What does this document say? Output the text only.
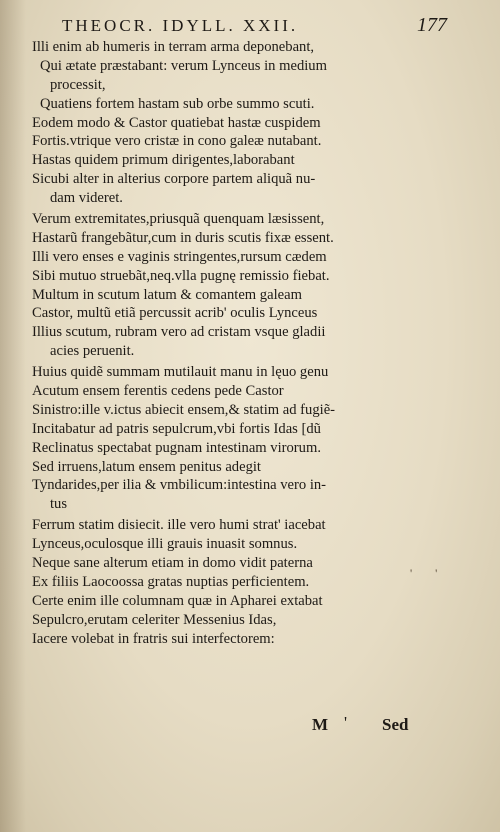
THEOCR. IDYLL. XXII.	177
Illi enim ab humeris in terram arma deponebant,
Qui ætate præstabant: verum Lynceus in medium
processit,
Quatiens fortem hastam sub orbe summo scuti.
Eodem modo & Castor quatiebat hastæ cuspidem
Fortis.vtrique vero cristæ in cono galeæ nutabant.
Hastas quidem primum dirigentes,laborabant
Sicubi alter in alterius corpore partem aliquã nu-
dam videret.
Verum extremitates,priusquã quenquam læsissent,
Hastarũ frangebãtur,cum in duris scutis fixæ essent.
Illi vero enses e vaginis stringentes,rursum cædem
Sibi mutuo struebãt,neq.vlla pugnę remissio fiebat.
Multum in scutum latum & comantem galeam
Castor, multũ etiã percussit acrib' oculis Lynceus
Illius scutum, rubram vero ad cristam vsque gladii
acies peruenit.
Huius quidẽ summam mutilauit manu in lęuo genu
Acutum ensem ferentis cedens pede Castor
Sinistro:ille v.ictus abiecit ensem,& statim ad fugiẽ-
Incitabatur ad patris sepulcrum,vbi fortis Idas [dũ
Reclinatus spectabat pugnam intestinam virorum.
Sed irruens,latum ensem penitus adegit
Tyndarides,per ilia & vmbilicum:intestina vero in-
tus
Ferrum statim disiecit. ille vero humi strat' iacebat
Lynceus,oculosque illi grauis inuasit somnus.
Neque sane alterum etiam in domo vidit paterna
Ex filiis Laocoossa gratas nuptias perficientem.
Certe enim ille columnam quæ in Apharei extabat
Sepulcro,erutam celeriter Messenius Idas,
Iacere volebat in fratris sui interfectorem:
' '
M ' Sed
